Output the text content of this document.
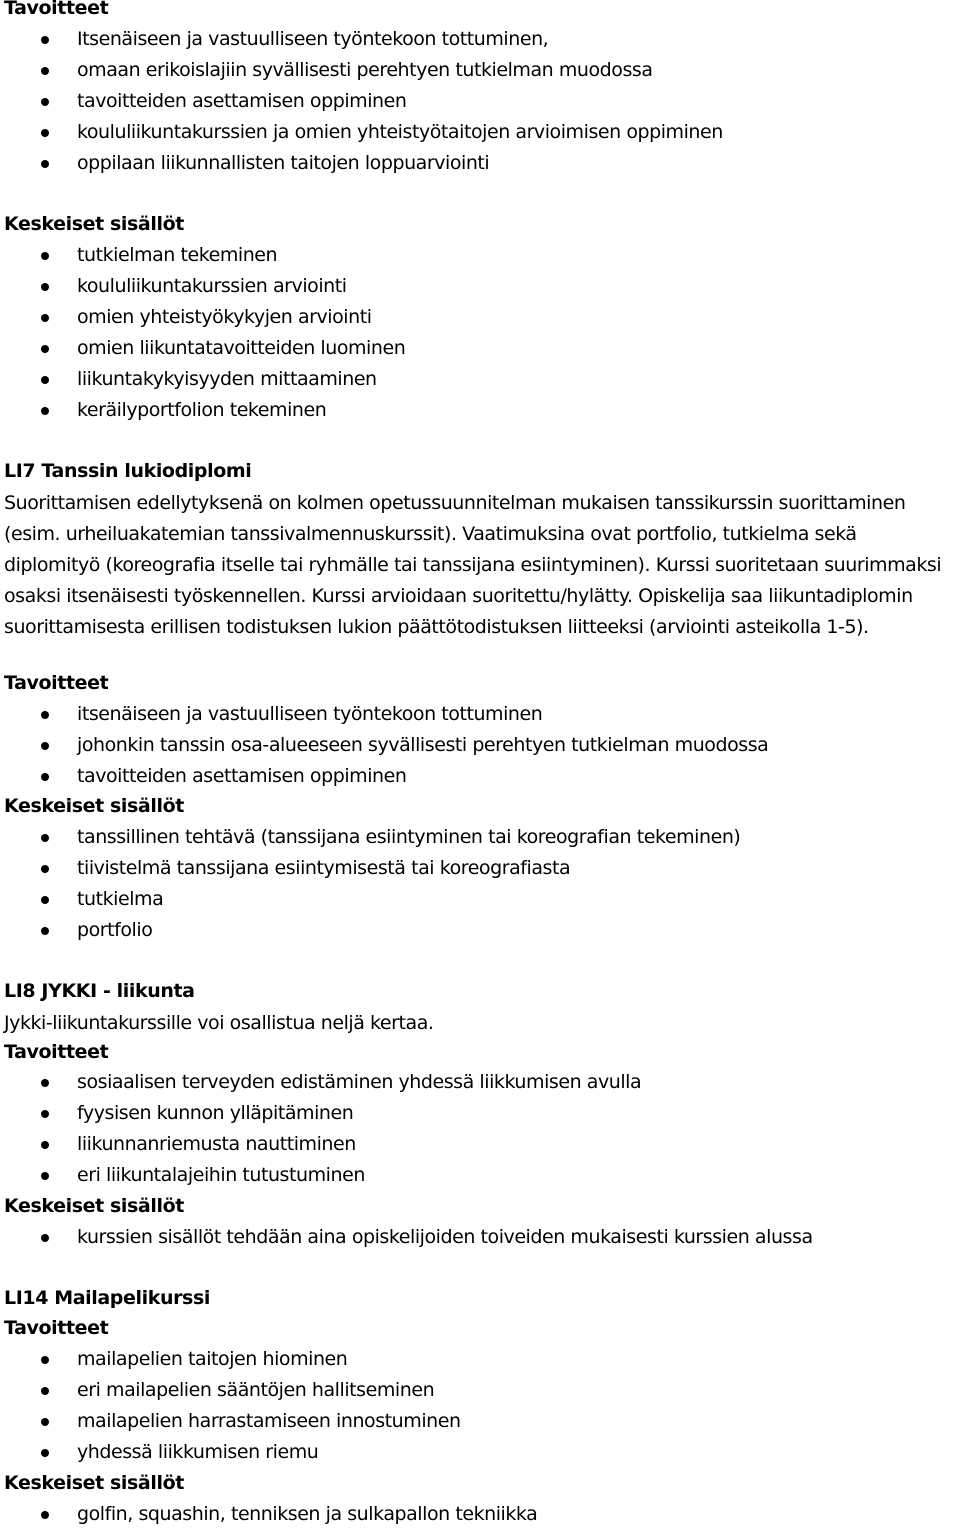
Tavoitteet
Itsenäiseen ja vastuulliseen työntekoon tottuminen,
omaan erikoislajiin syvällisesti perehtyen tutkielman muodossa
tavoitteiden asettamisen oppiminen
koululiikuntakurssien ja omien yhteistyötaitojen arvioimisen oppiminen
oppilaan liikunnallisten taitojen loppuarviointi
Keskeiset sisällöt
tutkielman tekeminen
koululiikuntakurssien arviointi
omien yhteistyökykyjen arviointi
omien liikuntatavoitteiden luominen
liikuntakykyisyyden mittaaminen
keräilyportfolion tekeminen
LI7 Tanssin lukiodiplomi
Suorittamisen edellytyksenä on kolmen opetussuunnitelman mukaisen tanssikurssin suorittaminen (esim. urheiluakatemian tanssivalmennuskurssit). Vaatimuksina ovat portfolio, tutkielma sekä diplomityö (koreografia itselle tai ryhmälle tai tanssijana esiintyminen). Kurssi suoritetaan suurimmaksi osaksi itsenäisesti työskennellen. Kurssi arvioidaan suoritettu/hylätty. Opiskelija saa liikuntadiplomin suorittamisesta erillisen todistuksen lukion päättötodistuksen liitteeksi (arviointi asteikolla 1-5).
Tavoitteet
itsenäiseen ja vastuulliseen työntekoon tottuminen
johonkin tanssin osa-alueeseen syvällisesti perehtyen tutkielman muodossa
tavoitteiden asettamisen oppiminen
Keskeiset sisällöt
tanssillinen tehtävä (tanssijana esiintyminen tai koreografian tekeminen)
tiivistelmä tanssijana esiintymisestä tai koreografiasta
tutkielma
portfolio
LI8 JYKKI - liikunta
Jykki-liikuntakurssille voi osallistua neljä kertaa.
Tavoitteet
sosiaalisen terveyden edistäminen yhdessä liikkumisen avulla
fyysisen kunnon ylläpitäminen
liikunnanriemusta nauttiminen
eri liikuntalajeihin tutustuminen
Keskeiset sisällöt
kurssien sisällöt tehdään aina opiskelijoiden toiveiden mukaisesti kurssien alussa
LI14 Mailapelikurssi
Tavoitteet
mailapelien taitojen hiominen
eri mailapelien sääntöjen hallitseminen
mailapelien harrastamiseen innostuminen
yhdessä liikkumisen riemu
Keskeiset sisällöt
golfin, squashin, tenniksen ja sulkapallon tekniikka
